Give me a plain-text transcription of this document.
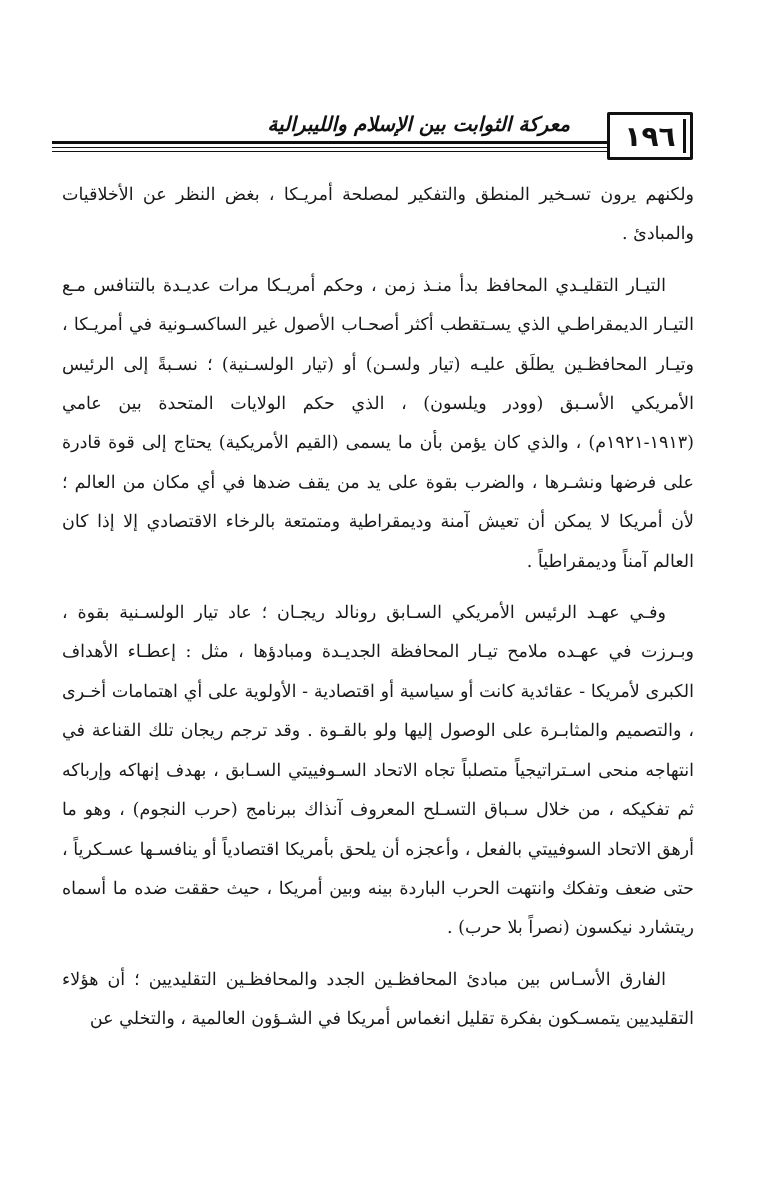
معركة الثوابت بين الإسلام والليبرالية	١٩٦

ولكنهم يرون تسـخير المنطق والتفكير لمصلحة أمريـكا ، بغض النظر عن الأخلاقيات والمبادئ .

التيـار التقليـدي المحافظ بدأ منـذ زمن ، وحكم أمريـكا مرات عديـدة بالتنافس مـع التيـار الديمقراطـي الذي يسـتقطب أكثر أصحـاب الأصول غير الساكسـونية في أمريـكا ، وتيـار المحافظـين يطلَق عليـه (تيار ولسـن) أو (تيار الولسـنية) ؛ نسـبةً إلى الرئيس الأمريكي الأسـبق (وودر ويلسون) ، الذي حكم الولايات المتحدة بين عامي (١٩١٣-١٩٢١م) ، والذي كان يؤمن بأن ما يسمى (القيم الأمريكية) يحتاج إلى قوة قادرة على فرضها ونشـرها ، والضرب بقوة على يد من يقف ضدها في أي مكان من العالم ؛ لأن أمريكا لا يمكن أن تعيش آمنة وديمقراطية ومتمتعة بالرخاء الاقتصادي إلا إذا كان العالم آمناً وديمقراطياً .

وفـي عهـد الرئيس الأمريكي السـابق رونالد ريجـان ؛ عاد تيار الولسـنية بقوة ، وبـرزت في عهـده ملامح تيـار المحافظة الجديـدة ومبادؤها ، مثل : إعطـاء الأهداف الكبرى لأمريكا - عقائدية كانت أو سياسية أو اقتصادية - الأولوية على أي اهتمامات أخـرى ، والتصميم والمثابـرة على الوصول إليها ولو بالقـوة . وقد ترجم ريجان تلك القناعة في انتهاجه منحى اسـتراتيجياً متصلباً تجاه الاتحاد السـوفييتي السـابق ، بهدف إنهاكه وإرباكه ثم تفكيكه ، من خلال سـباق التسـلح المعروف آنذاك ببرنامج (حرب النجوم) ، وهو ما أرهق الاتحاد السوفييتي بالفعل ، وأعجزه أن يلحق بأمريكا اقتصادياً أو ينافسـها عسـكرياً ، حتى ضعف وتفكك وانتهت الحرب الباردة بينه وبين أمريكا ، حيث حققت ضده ما أسماه ريتشارد نيكسون (نصراً بلا حرب) .

الفارق الأسـاس بين مبادئ المحافظـين الجدد والمحافظـين التقليديين ؛ أن هؤلاء التقليديين يتمسـكون بفكرة تقليل انغماس أمريكا في الشـؤون العالمية ، والتخلي عن
